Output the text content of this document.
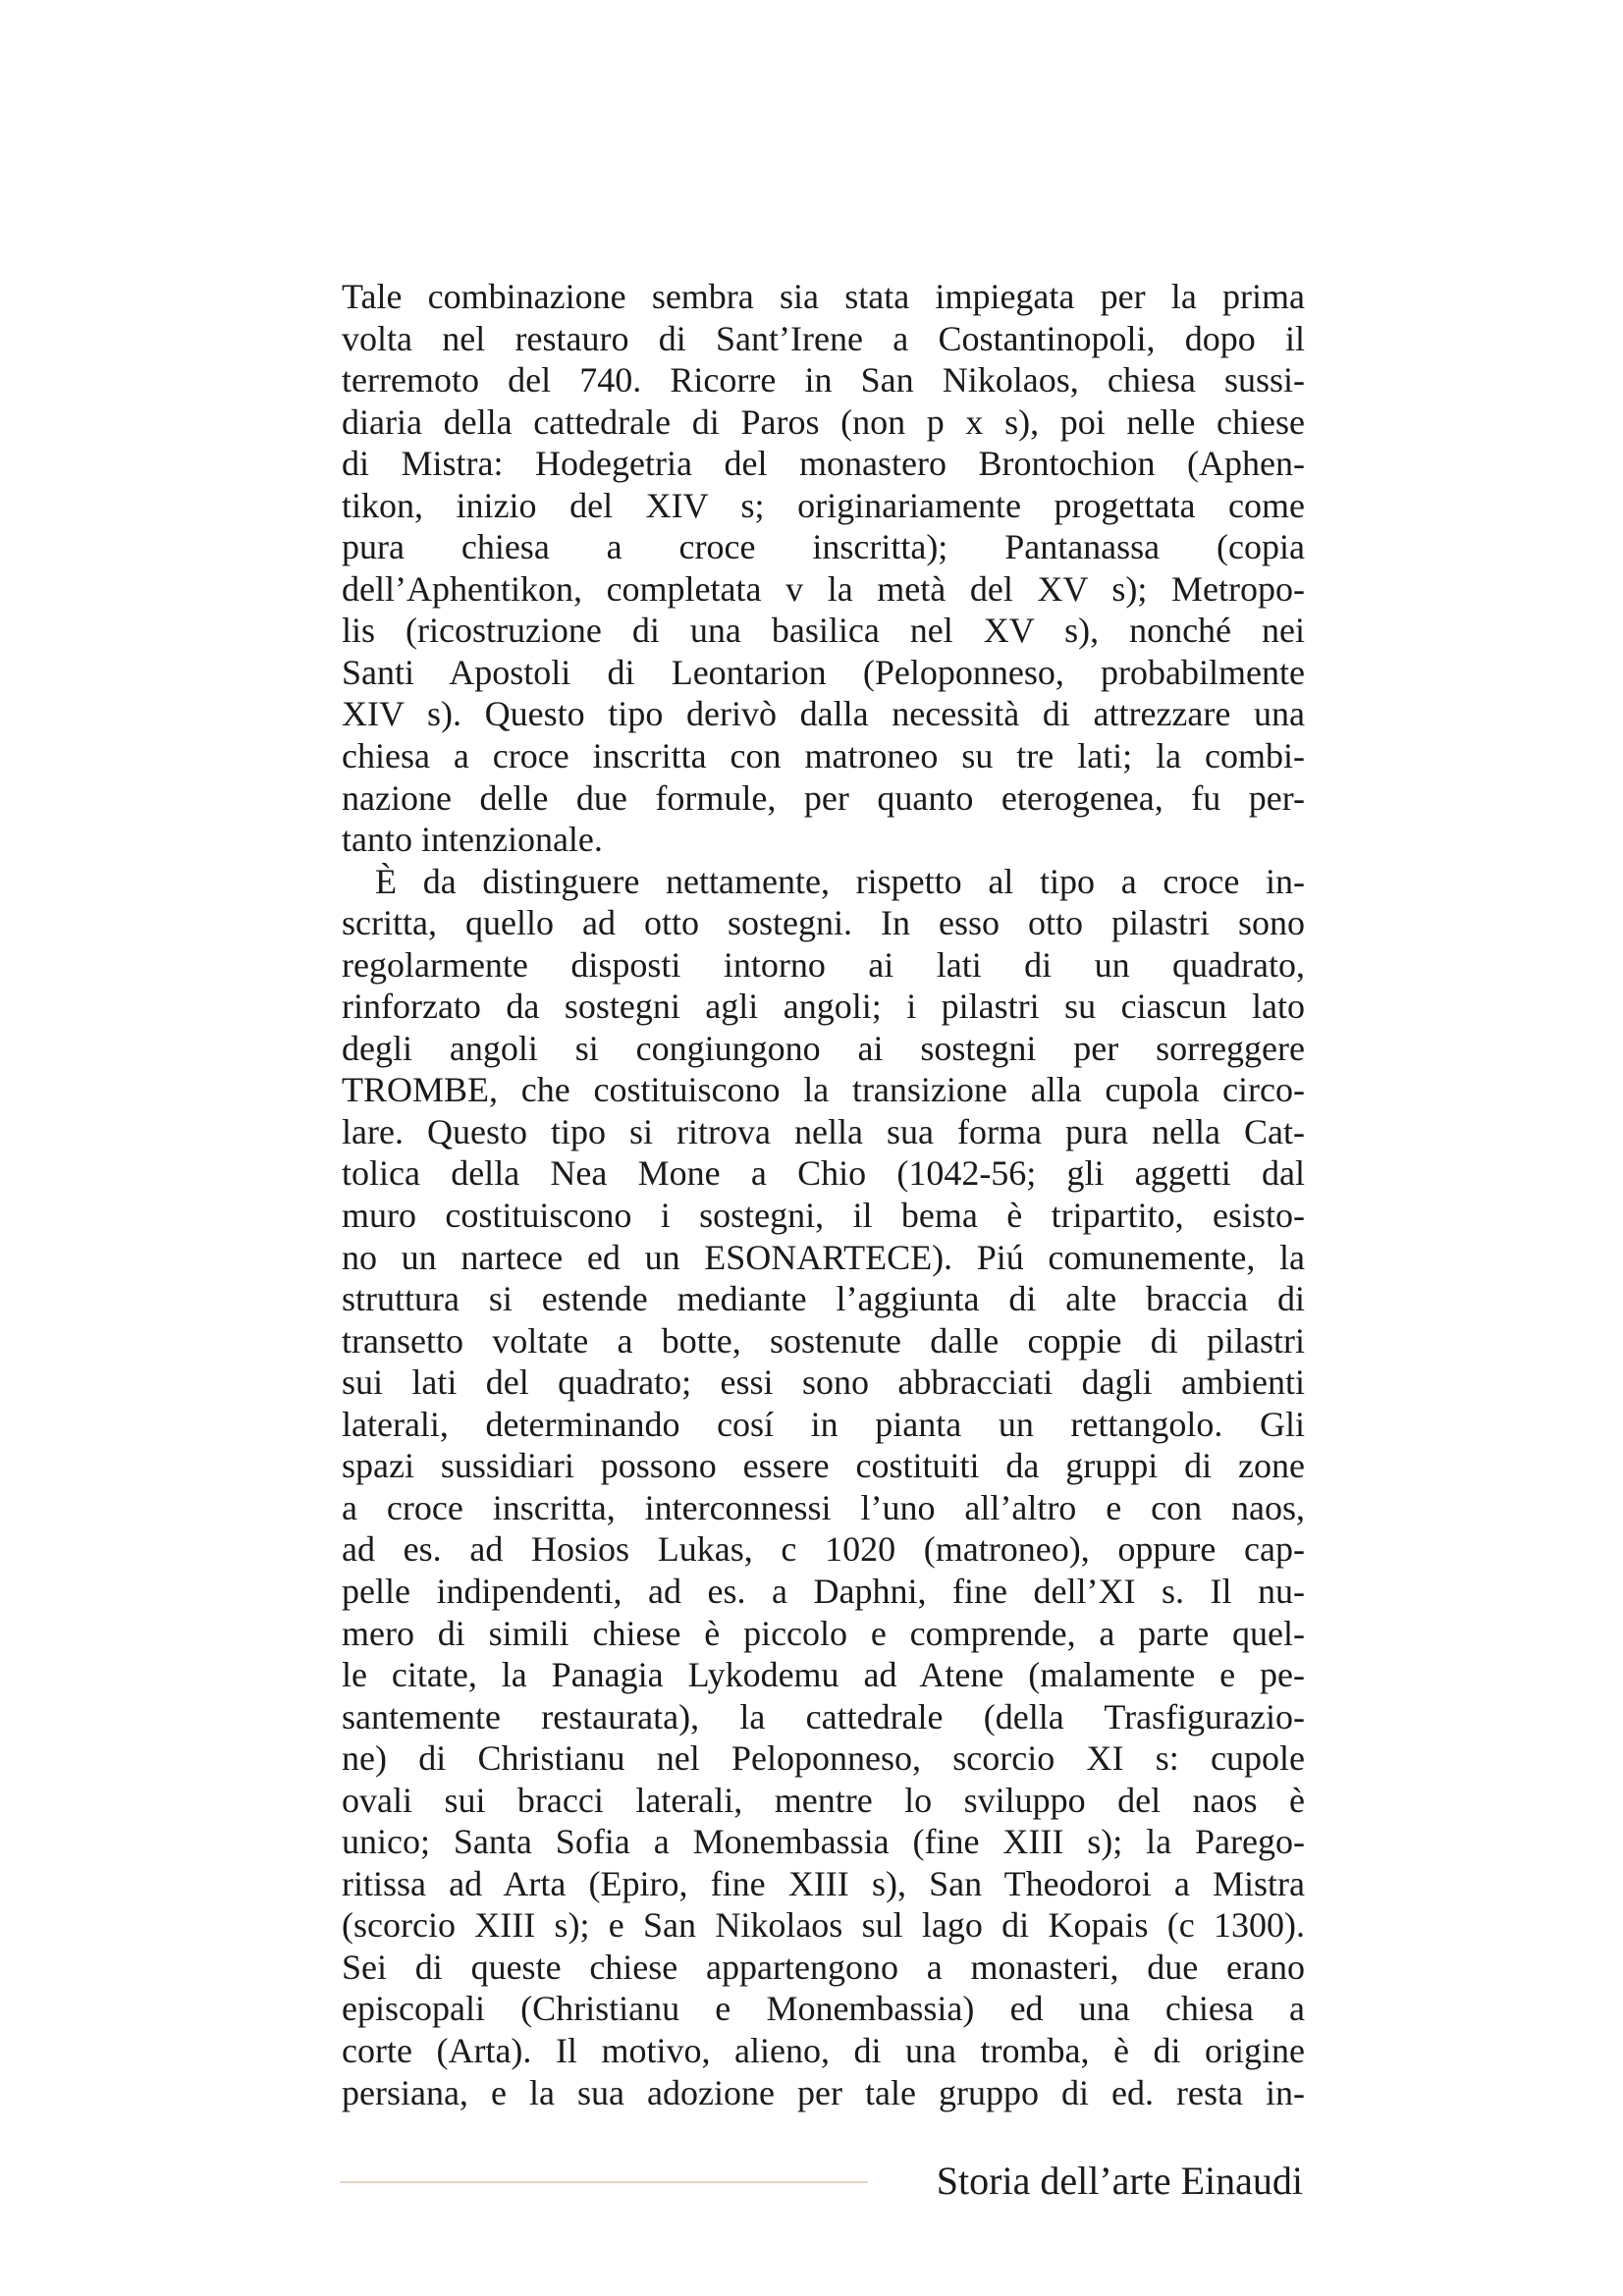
Tale combinazione sembra sia stata impiegata per la prima
volta nel restauro di Sant’Irene a Costantinopoli, dopo il
terremoto del 740. Ricorre in San Nikolaos, chiesa sussi-
diaria della cattedrale di Paros (non p x s), poi nelle chiese
di Mistra: Hodegetria del monastero Brontochion (Aphen-
tikon, inizio del XIV s; originariamente progettata come
pura chiesa a croce inscritta); Pantanassa (copia
dell’Aphentikon, completata v la metà del XV s); Metropo-
lis (ricostruzione di una basilica nel XV s), nonché nei
Santi Apostoli di Leontarion (Peloponneso, probabilmente
XIV s). Questo tipo derivò dalla necessità di attrezzare una
chiesa a croce inscritta con matroneo su tre lati; la combi-
nazione delle due formule, per quanto eterogenea, fu per-
tanto intenzionale.
È da distinguere nettamente, rispetto al tipo a croce in-
scritta, quello ad otto sostegni. In esso otto pilastri sono
regolarmente disposti intorno ai lati di un quadrato,
rinforzato da sostegni agli angoli; i pilastri su ciascun lato
degli angoli si congiungono ai sostegni per sorreggere
TROMBE, che costituiscono la transizione alla cupola circo-
lare. Questo tipo si ritrova nella sua forma pura nella Cat-
tolica della Nea Mone a Chio (1042-56; gli aggetti dal
muro costituiscono i sostegni, il bema è tripartito, esisto-
no un nartece ed un ESONARTECE). Piú comunemente, la
struttura si estende mediante l’aggiunta di alte braccia di
transetto voltate a botte, sostenute dalle coppie di pilastri
sui lati del quadrato; essi sono abbracciati dagli ambienti
laterali, determinando cosí in pianta un rettangolo. Gli
spazi sussidiari possono essere costituiti da gruppi di zone
a croce inscritta, interconnessi l’uno all’altro e con naos,
ad es. ad Hosios Lukas, c 1020 (matroneo), oppure cap-
pelle indipendenti, ad es. a Daphni, fine dell’XI s. Il nu-
mero di simili chiese è piccolo e comprende, a parte quel-
le citate, la Panagia Lykodemu ad Atene (malamente e pe-
santemente restaurata), la cattedrale (della Trasfigurazio-
ne) di Christianu nel Peloponneso, scorcio XI s: cupole
ovali sui bracci laterali, mentre lo sviluppo del naos è
unico; Santa Sofia a Monembassia (fine XIII s); la Parego-
ritissa ad Arta (Epiro, fine XIII s), San Theodoroi a Mistra
(scorcio XIII s); e San Nikolaos sul lago di Kopais (c 1300).
Sei di queste chiese appartengono a monasteri, due erano
episcopali (Christianu e Monembassia) ed una chiesa a
corte (Arta). Il motivo, alieno, di una tromba, è di origine
persiana, e la sua adozione per tale gruppo di ed. resta in-
Storia dell’arte Einaudi
